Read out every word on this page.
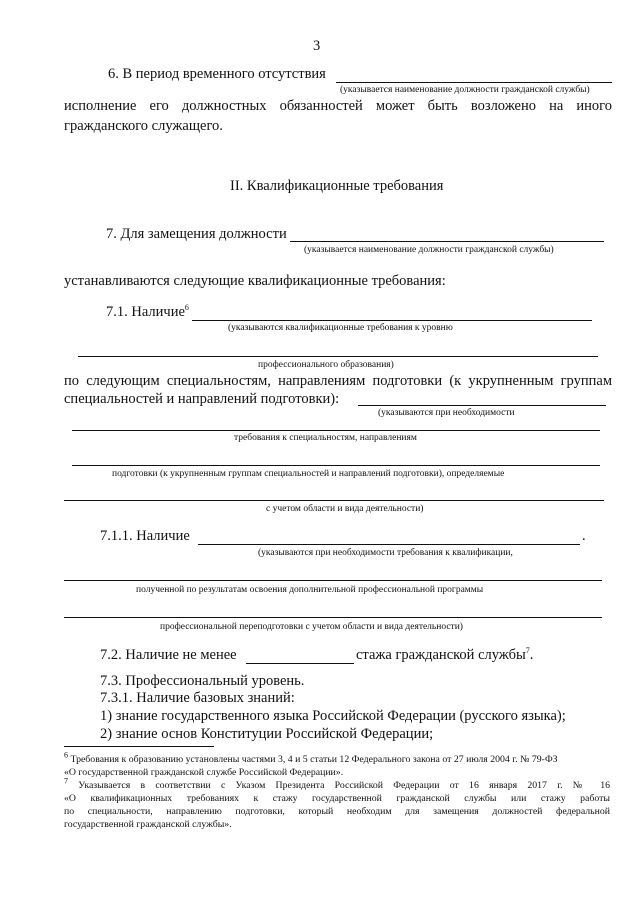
3
6. В период временного отсутствия
(указывается наименование должности гражданской службы)
исполнение его должностных обязанностей может быть возложено на иного
гражданского служащего.
II. Квалификационные требования
7. Для замещения должности
(указывается наименование должности гражданской службы)
устанавливаются следующие квалификационные требования:
7.1. Наличие$^6$
(указываются квалификационные требования к уровню
профессионального образования)
по следующим специальностям, направлениям подготовки (к укрупненным группам
специальностей и направлений подготовки):
(указываются при необходимости
требования к специальностям, направлениям
подготовки (к укрупненным группам специальностей и направлений подготовки), определяемые
с учетом области и вида деятельности)
7.1.1. Наличие	.
(указываются при необходимости требования к квалификации,
полученной по результатам освоения дополнительной профессиональной программы
профессиональной переподготовки с учетом области и вида деятельности)
7.2. Наличие не менее	стажа гражданской службы$^7$.
7.3. Профессиональный уровень.
7.3.1. Наличие базовых знаний:
1) знание государственного языка Российской Федерации (русского языка);
2) знание основ Конституции Российской Федерации;
$^6$ Требования к образованию установлены частями 3, 4 и 5 статьи 12 Федерального закона от 27 июля 2004 г. № 79-ФЗ
«О государственной гражданской службе Российской Федерации».
$^7$ Указывается в соответствии с Указом Президента Российской Федерации от 16 января 2017 г. № 16
«О квалификационных требованиях к стажу государственной гражданской службы или стажу работы
по специальности, направлению подготовки, который необходим для замещения должностей федеральной
государственной гражданской службы».
